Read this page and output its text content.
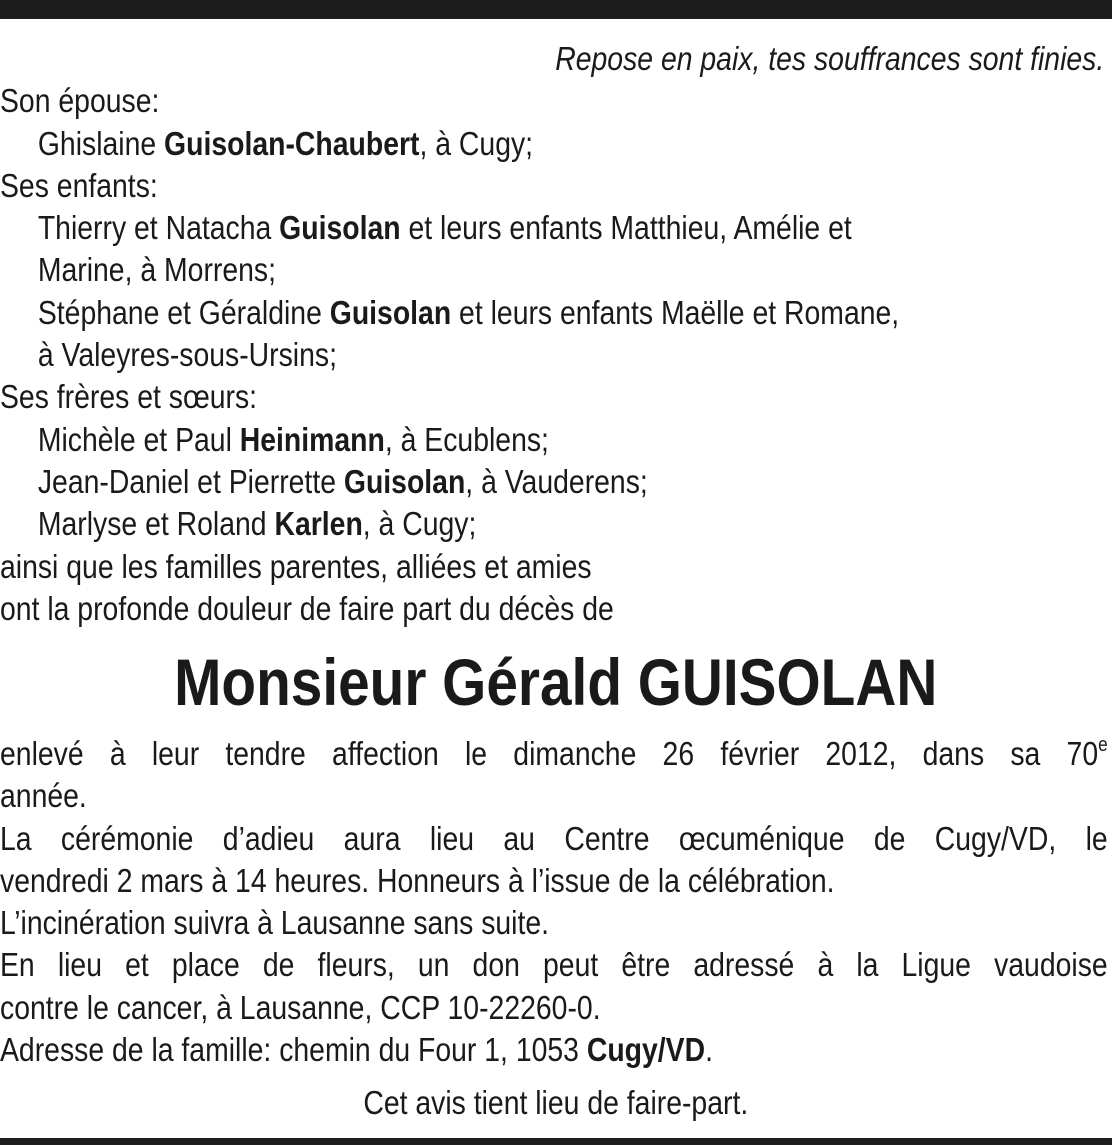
Repose en paix, tes souffrances sont finies.
Son épouse:
Ghislaine Guisolan-Chaubert, à Cugy;
Ses enfants:
Thierry et Natacha Guisolan et leurs enfants Matthieu, Amélie et
Marine, à Morrens;
Stéphane et Géraldine Guisolan et leurs enfants Maëlle et Romane,
à Valeyres-sous-Ursins;
Ses frères et sœurs:
Michèle et Paul Heinimann, à Ecublens;
Jean-Daniel et Pierrette Guisolan, à Vauderens;
Marlyse et Roland Karlen, à Cugy;
ainsi que les familles parentes, alliées et amies
ont la profonde douleur de faire part du décès de
Monsieur Gérald GUISOLAN
enlevé à leur tendre affection le dimanche 26 février 2012, dans sa 70e
année.
La cérémonie d’adieu aura lieu au Centre œcuménique de Cugy/VD, le
vendredi 2 mars à 14 heures. Honneurs à l’issue de la célébration.
L’incinération suivra à Lausanne sans suite.
En lieu et place de fleurs, un don peut être adressé à la Ligue vaudoise
contre le cancer, à Lausanne, CCP 10-22260-0.
Adresse de la famille: chemin du Four 1, 1053 Cugy/VD.
Cet avis tient lieu de faire-part.
